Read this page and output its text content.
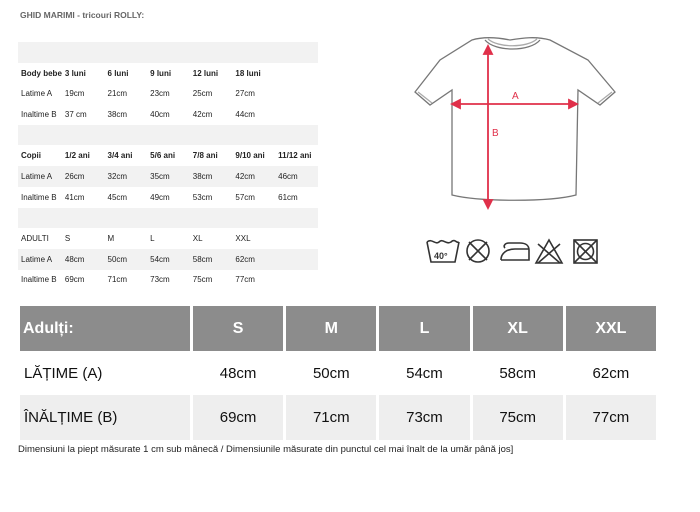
GHID MARIMI - tricouri ROLLY:

Body bebe	3 luni	6 luni	9 luni	12 luni	18 luni	
Latime A	19cm	21cm	23cm	25cm	27cm	
Inaltime B	37 cm	38cm	40cm	42cm	44cm	

Copii	1/2 ani	3/4 ani	5/6 ani	7/8 ani	9/10 ani	11/12 ani
Latime A	26cm	32cm	35cm	38cm	42cm	46cm
Inaltime B	41cm	45cm	49cm	53cm	57cm	61cm

ADULTI	S	M	L	XL	XXL	
Latime A	48cm	50cm	54cm	58cm	62cm	
Inaltime B	69cm	71cm	73cm	75cm	77cm	
A
B
40°
Adulți:	S	M	L	XL	XXL
LĂȚIME (A)	48cm	50cm	54cm	58cm	62cm
ÎNĂLȚIME (B)	69cm	71cm	73cm	75cm	77cm
Dimensiuni la piept măsurate 1 cm sub mânecă / Dimensiunile măsurate din punctul cel mai înalt de la umăr până jos]
